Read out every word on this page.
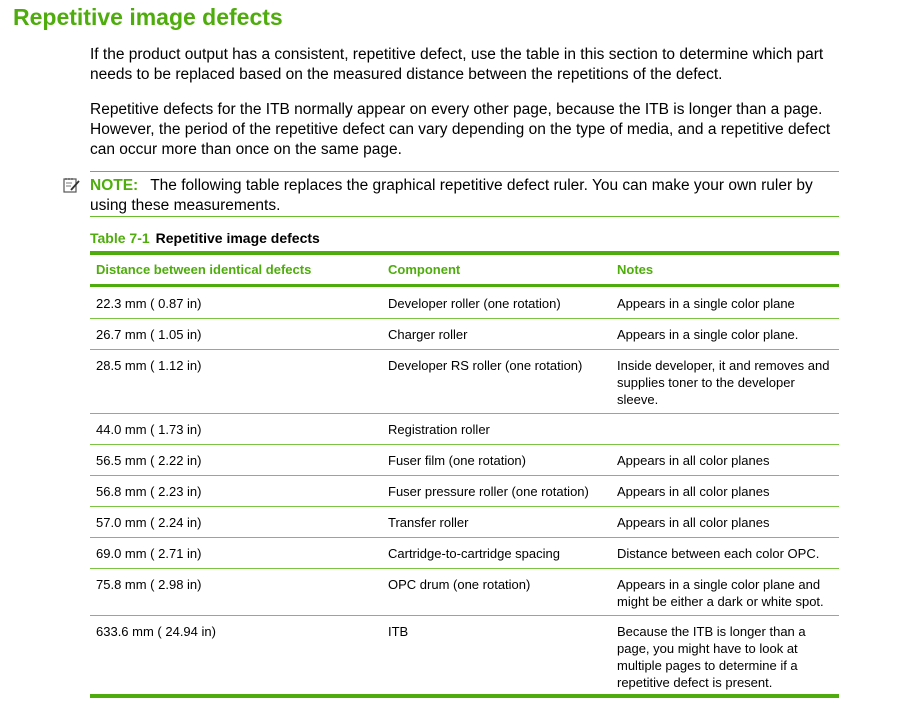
Repetitive image defects
If the product output has a consistent, repetitive defect, use the table in this section to determine which part needs to be replaced based on the measured distance between the repetitions of the defect.
Repetitive defects for the ITB normally appear on every other page, because the ITB is longer than a page. However, the period of the repetitive defect can vary depending on the type of media, and a repetitive defect can occur more than once on the same page.
NOTE: The following table replaces the graphical repetitive defect ruler. You can make your own ruler by using these measurements.
Table 7-1 Repetitive image defects
Distance between identical defects	Component	Notes
22.3 mm ( 0.87 in)	Developer roller (one rotation)	Appears in a single color plane
26.7 mm ( 1.05 in)	Charger roller	Appears in a single color plane.
28.5 mm ( 1.12 in)	Developer RS roller (one rotation)	Inside developer, it and removes and supplies toner to the developer sleeve.
44.0 mm ( 1.73 in)	Registration roller
56.5 mm ( 2.22 in)	Fuser film (one rotation)	Appears in all color planes
56.8 mm ( 2.23 in)	Fuser pressure roller (one rotation)	Appears in all color planes
57.0 mm ( 2.24 in)	Transfer roller	Appears in all color planes
69.0 mm ( 2.71 in)	Cartridge-to-cartridge spacing	Distance between each color OPC.
75.8 mm ( 2.98 in)	OPC drum (one rotation)	Appears in a single color plane and might be either a dark or white spot.
633.6 mm ( 24.94 in)	ITB	Because the ITB is longer than a page, you might have to look at multiple pages to determine if a repetitive defect is present.
